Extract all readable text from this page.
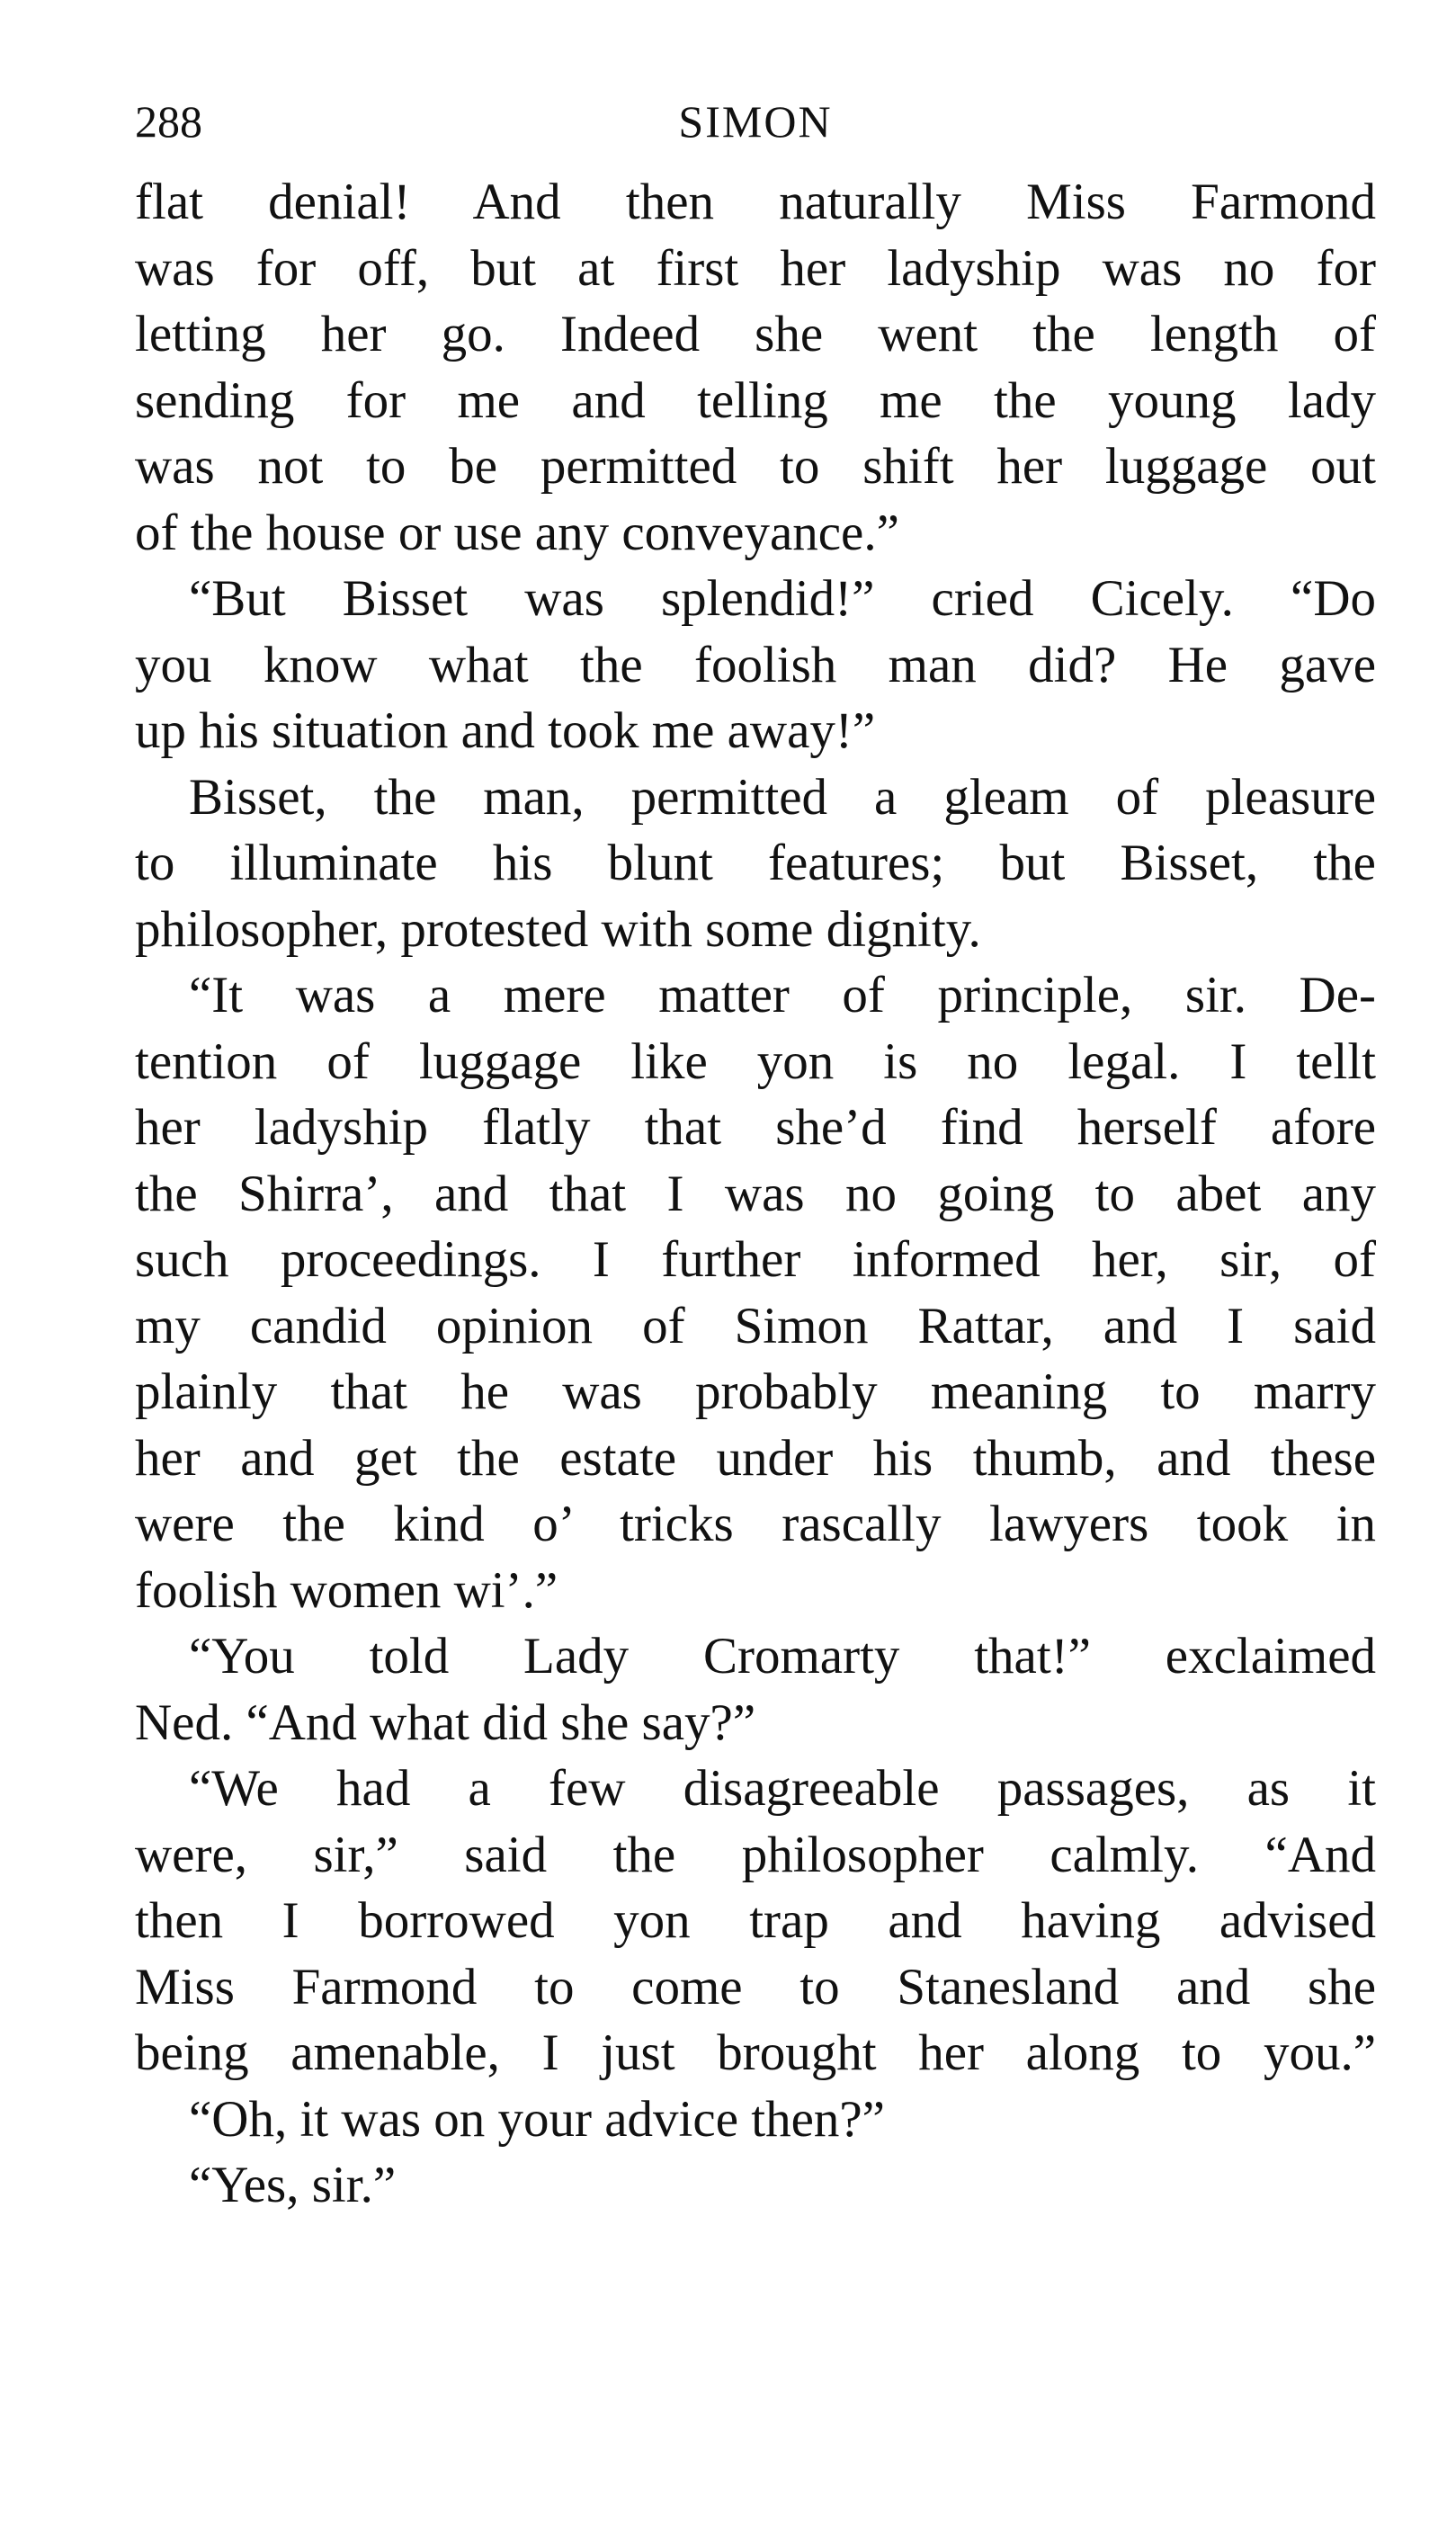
288	SIMON
flat denial! And then naturally Miss Farmond
was for off, but at first her ladyship was no for
letting her go. Indeed she went the length of
sending for me and telling me the young lady
was not to be permitted to shift her luggage out
of the house or use any conveyance.”
“But Bisset was splendid!” cried Cicely. “Do
you know what the foolish man did? He gave
up his situation and took me away!”
Bisset, the man, permitted a gleam of pleasure
to illuminate his blunt features; but Bisset, the
philosopher, protested with some dignity.
“It was a mere matter of principle, sir. De-
tention of luggage like yon is no legal. I tellt
her ladyship flatly that she’d find herself afore
the Shirra’, and that I was no going to abet any
such proceedings. I further informed her, sir, of
my candid opinion of Simon Rattar, and I said
plainly that he was probably meaning to marry
her and get the estate under his thumb, and these
were the kind o’ tricks rascally lawyers took in
foolish women wi’.”
“You told Lady Cromarty that!” exclaimed
Ned. “And what did she say?”
“We had a few disagreeable passages, as it
were, sir,” said the philosopher calmly. “And
then I borrowed yon trap and having advised
Miss Farmond to come to Stanesland and she
being amenable, I just brought her along to you.”
“Oh, it was on your advice then?”
“Yes, sir.”
